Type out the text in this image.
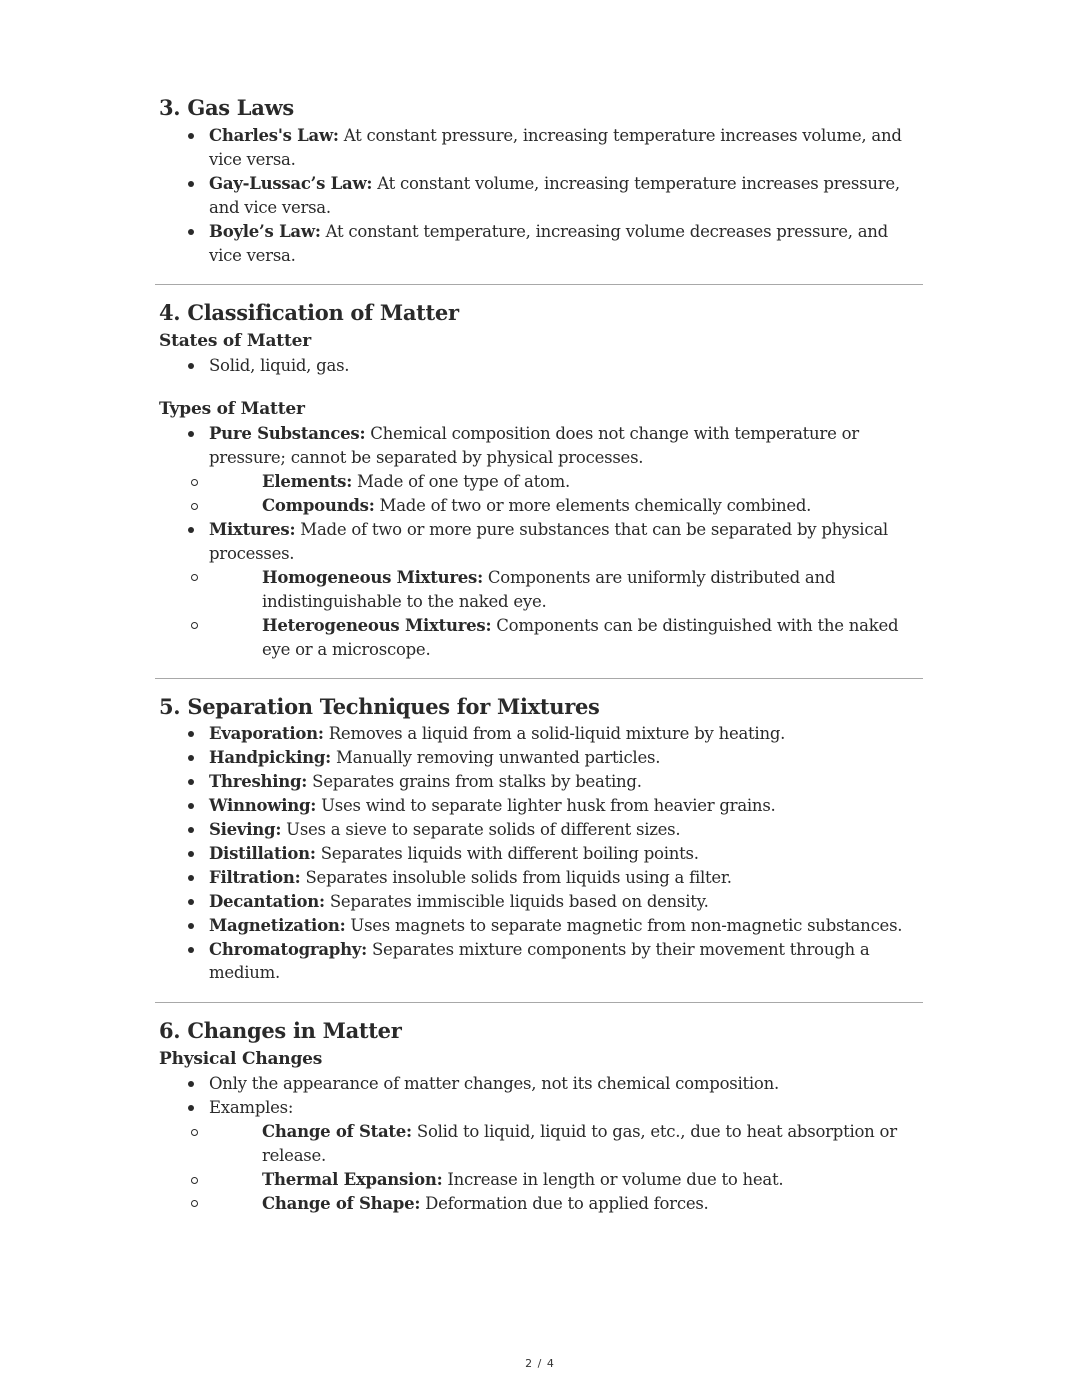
3. Gas Laws
Charles's Law: At constant pressure, increasing temperature increases volume, and vice versa.
Gay-Lussac’s Law: At constant volume, increasing temperature increases pressure, and vice versa.
Boyle’s Law: At constant temperature, increasing volume decreases pressure, and vice versa.
4. Classification of Matter
States of Matter
Solid, liquid, gas.
Types of Matter
Pure Substances: Chemical composition does not change with temperature or pressure; cannot be separated by physical processes.
Elements: Made of one type of atom.
Compounds: Made of two or more elements chemically combined.
Mixtures: Made of two or more pure substances that can be separated by physical processes.
Homogeneous Mixtures: Components are uniformly distributed and indistinguishable to the naked eye.
Heterogeneous Mixtures: Components can be distinguished with the naked eye or a microscope.
5. Separation Techniques for Mixtures
Evaporation: Removes a liquid from a solid-liquid mixture by heating.
Handpicking: Manually removing unwanted particles.
Threshing: Separates grains from stalks by beating.
Winnowing: Uses wind to separate lighter husk from heavier grains.
Sieving: Uses a sieve to separate solids of different sizes.
Distillation: Separates liquids with different boiling points.
Filtration: Separates insoluble solids from liquids using a filter.
Decantation: Separates immiscible liquids based on density.
Magnetization: Uses magnets to separate magnetic from non-magnetic substances.
Chromatography: Separates mixture components by their movement through a medium.
6. Changes in Matter
Physical Changes
Only the appearance of matter changes, not its chemical composition.
Examples:
Change of State: Solid to liquid, liquid to gas, etc., due to heat absorption or release.
Thermal Expansion: Increase in length or volume due to heat.
Change of Shape: Deformation due to applied forces.
2 / 4
